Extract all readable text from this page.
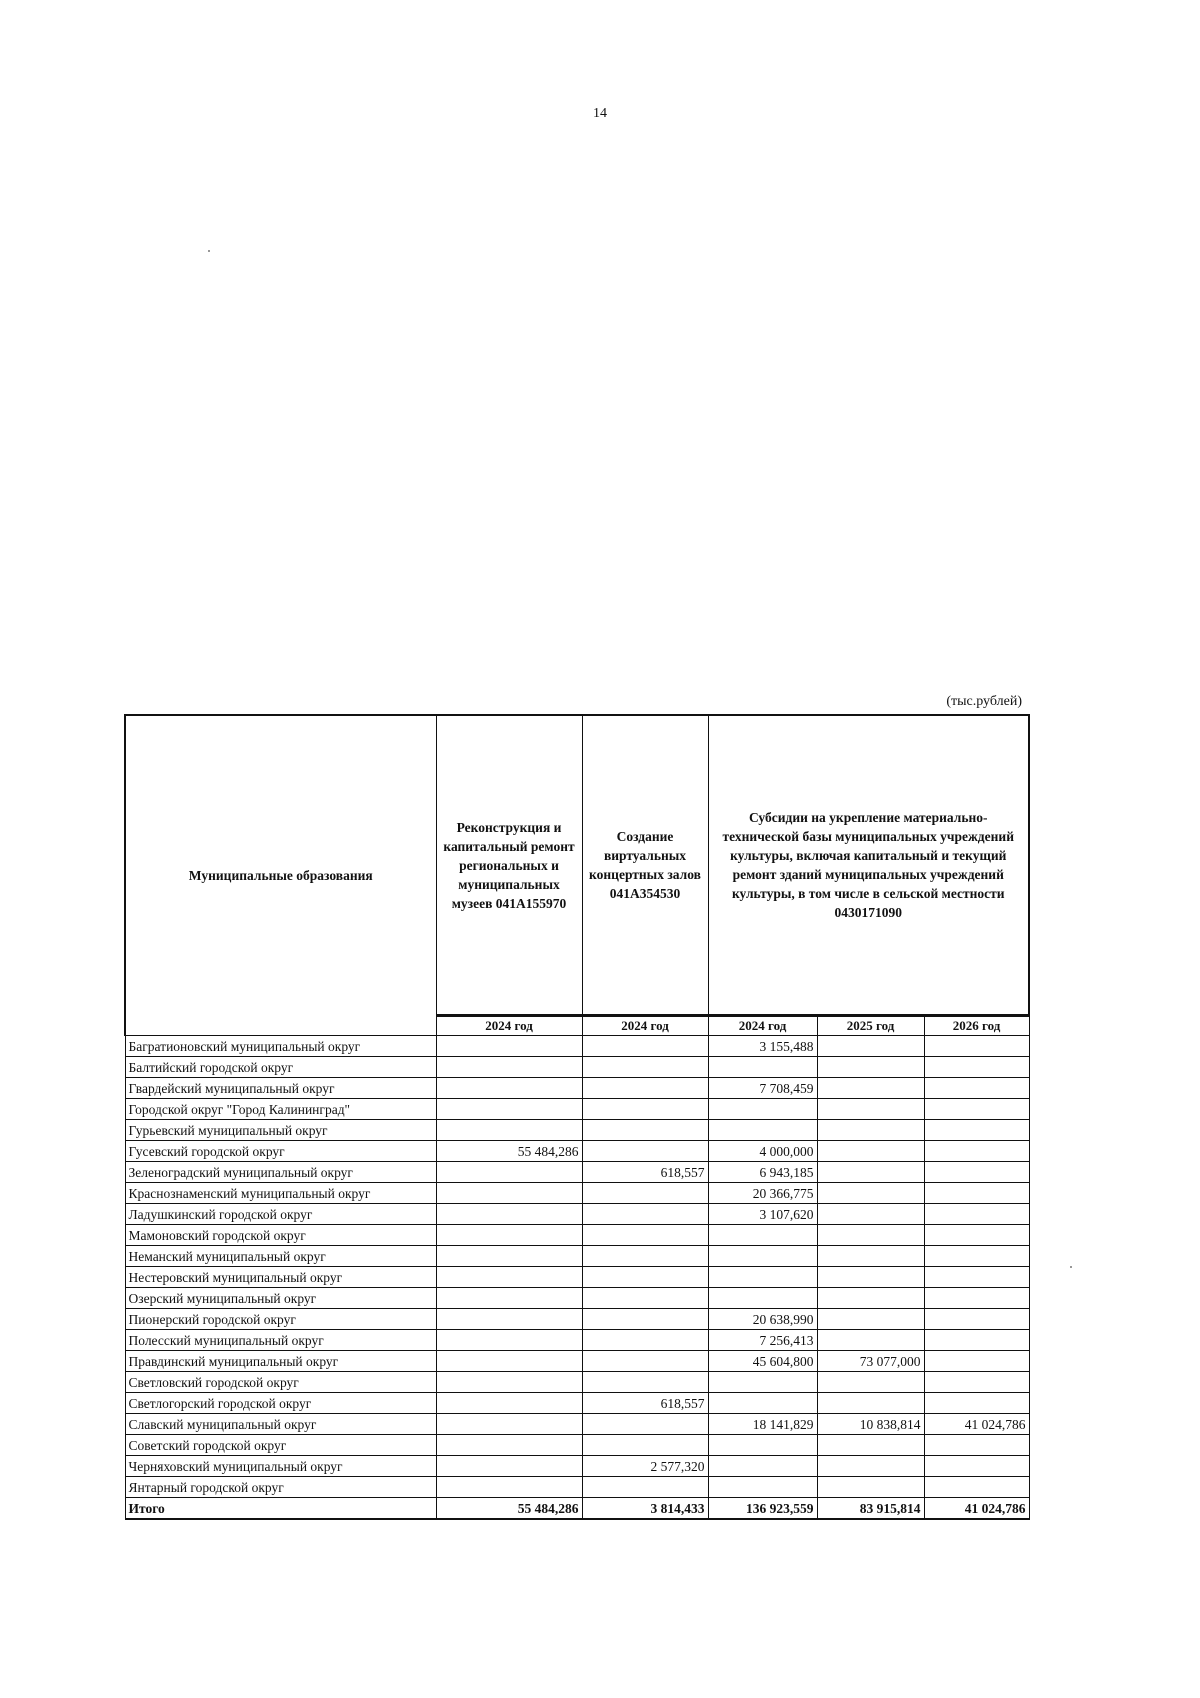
14
(тыс.рублей)
Муниципальные образования	Реконструкция и капитальный ремонт региональных и муниципальных музеев 041А155970	Создание виртуальных концертных залов 041А354530	Субсидии на укрепление материально-технической базы муниципальных учреждений культуры, включая капитальный и текущий ремонт зданий муниципальных учреждений культуры, в том числе в сельской местности 0430171090		
	2024 год	2024 год	2024 год	2025 год	2026 год
Багратионовский муниципальный округ			3 155,488		
Балтийский городской округ					
Гвардейский муниципальный округ			7 708,459		
Городской округ "Город Калининград"					
Гурьевский муниципальный округ					
Гусевский городской округ	55 484,286		4 000,000		
Зеленоградский муниципальный округ		618,557	6 943,185		
Краснознаменский муниципальный округ			20 366,775		
Ладушкинский городской округ			3 107,620		
Мамоновский городской округ					
Неманский муниципальный округ					
Нестеровский муниципальный округ					
Озерский муниципальный округ					
Пионерский городской округ			20 638,990		
Полесский муниципальный округ			7 256,413		
Правдинский муниципальный округ			45 604,800	73 077,000	
Светловский городской округ					
Светлогорский городской округ		618,557			
Славский муниципальный округ			18 141,829	10 838,814	41 024,786
Советский городской округ					
Черняховский муниципальный округ		2 577,320			
Янтарный городской округ					
Итого	55 484,286	3 814,433	136 923,559	83 915,814	41 024,786
